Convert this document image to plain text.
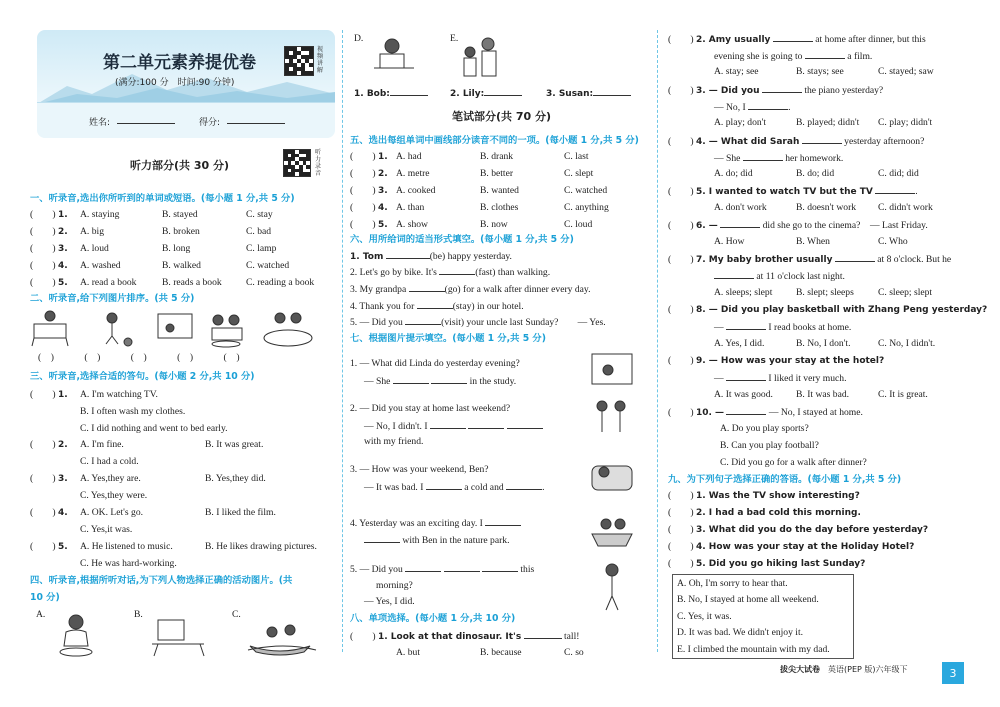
第二单元素养提优卷
(满分:100 分　时间:90 分钟)
姓名:	得分:
视频讲解
听力录音
听力部分(共 30 分)
一、听录音,选出你所听到的单词或短语。(每小题 1 分,共 5 分)
(  ) 1. A. staying	B. stayed	C. stay
(  ) 2. A. big	B. broken	C. bad
(  ) 3. A. loud	B. long	C. lamp
(  ) 4. A. washed	B. walked	C. watched
(  ) 5. A. read a book	B. reads a book	C. reading a book
二、听录音,给下列图片排序。(共 5 分)
( ) ( ) ( ) ( ) ( )
三、听录音,选择合适的答句。(每小题 2 分,共 10 分)
(  ) 1. A. I'm watching TV.
B. I often wash my clothes.
C. I did nothing and went to bed early.
(  ) 2. A. I'm fine.	B. It was great.
C. I had a cold.
(  ) 3. A. Yes,they are.	B. Yes,they did.
C. Yes,they were.
(  ) 4. A. OK. Let's go.	B. I liked the film.
C. Yes,it was.
(  ) 5. A. He listened to music.	B. He likes drawing pictures.
C. He was hard-working.
四、听录音,根据所听对话,为下列人物选择正确的活动图片。(共
10 分)
A.	B.	C.
D.	E.
1. Bob:	2. Lily:	3. Susan:
笔试部分(共 70 分)
五、选出每组单词中画线部分读音不同的一项。(每小题 1 分,共 5 分)
(  ) 1. A. had	B. drank	C. last
(  ) 2. A. metre	B. better	C. slept
(  ) 3. A. cooked	B. wanted	C. watched
(  ) 4. A. than	B. clothes	C. anything
(  ) 5. A. show	B. now	C. loud
六、用所给词的适当形式填空。(每小题 1 分,共 5 分)
1. Tom	(be) happy yesterday.
2. Let's go by bike. It's	(fast) than walking.
3. My grandpa	(go) for a walk after dinner every day.
4. Thank you for	(stay) in our hotel.
5. — Did you	(visit) your uncle last Sunday?   — Yes.
七、根据图片提示填空。(每小题 1 分,共 5 分)
1. — What did Linda do yesterday evening?
— She	in the study.
2. — Did you stay at home last weekend?
— No, I didn't. I
with my friend.
3. — How was your weekend, Ben?
— It was bad. I	a cold and	.
4. Yesterday was an exciting day. I
with Ben in the nature park.
5. — Did you	this
morning?
— Yes, I did.
八、单项选择。(每小题 1 分,共 10 分)
(  ) 1. Look at that dinosaur. It's	tall!
A. but	B. because	C. so
(  ) 2. Amy usually	at home after dinner, but this
evening she is going to	a film.
A. stay; see	B. stays; see	C. stayed; saw
(  ) 3. — Did you	the piano yesterday?
— No, I	.
A. play; don't	B. played; didn't C. play; didn't
(  ) 4. — What did Sarah	yesterday afternoon?
— She	her homework.
A. do; did	B. do; did	C. did; did
(  ) 5. I wanted to watch TV but the TV	.
A. don't work	B. doesn't work C. didn't work
(  ) 6. —	did she go to the cinema?  — Last Friday.
A. How	B. When	C. Who
(  ) 7. My baby brother usually	at 8 o'clock. But he
at 11 o'clock last night.
A. sleeps; slept B. slept; sleeps	C. sleep; slept
(  ) 8. — Did you play basketball with Zhang Peng yesterday?
—	I read books at home.
A. Yes, I did.	B. No, I don't.	C. No, I didn't.
(  ) 9. — How was your stay at the hotel?
—	I liked it very much.
A. It was good. B. It was bad.	C. It is great.
(  ) 10. —	— No, I stayed at home.
A. Do you play sports?
B. Can you play football?
C. Did you go for a walk after dinner?
九、为下列句子选择正确的答语。(每小题 1 分,共 5 分)
(  ) 1. Was the TV show interesting?
(  ) 2. I had a bad cold this morning.
(  ) 3. What did you do the day before yesterday?
(  ) 4. How was your stay at the Holiday Hotel?
(  ) 5. Did you go hiking last Sunday?
A. Oh, I'm sorry to hear that.
B. No, I stayed at home all weekend.
C. Yes, it was.
D. It was bad. We didn't enjoy it.
E. I climbed the mountain with my dad.
拔尖大试卷  英语(PEP 版)六年级下	3
